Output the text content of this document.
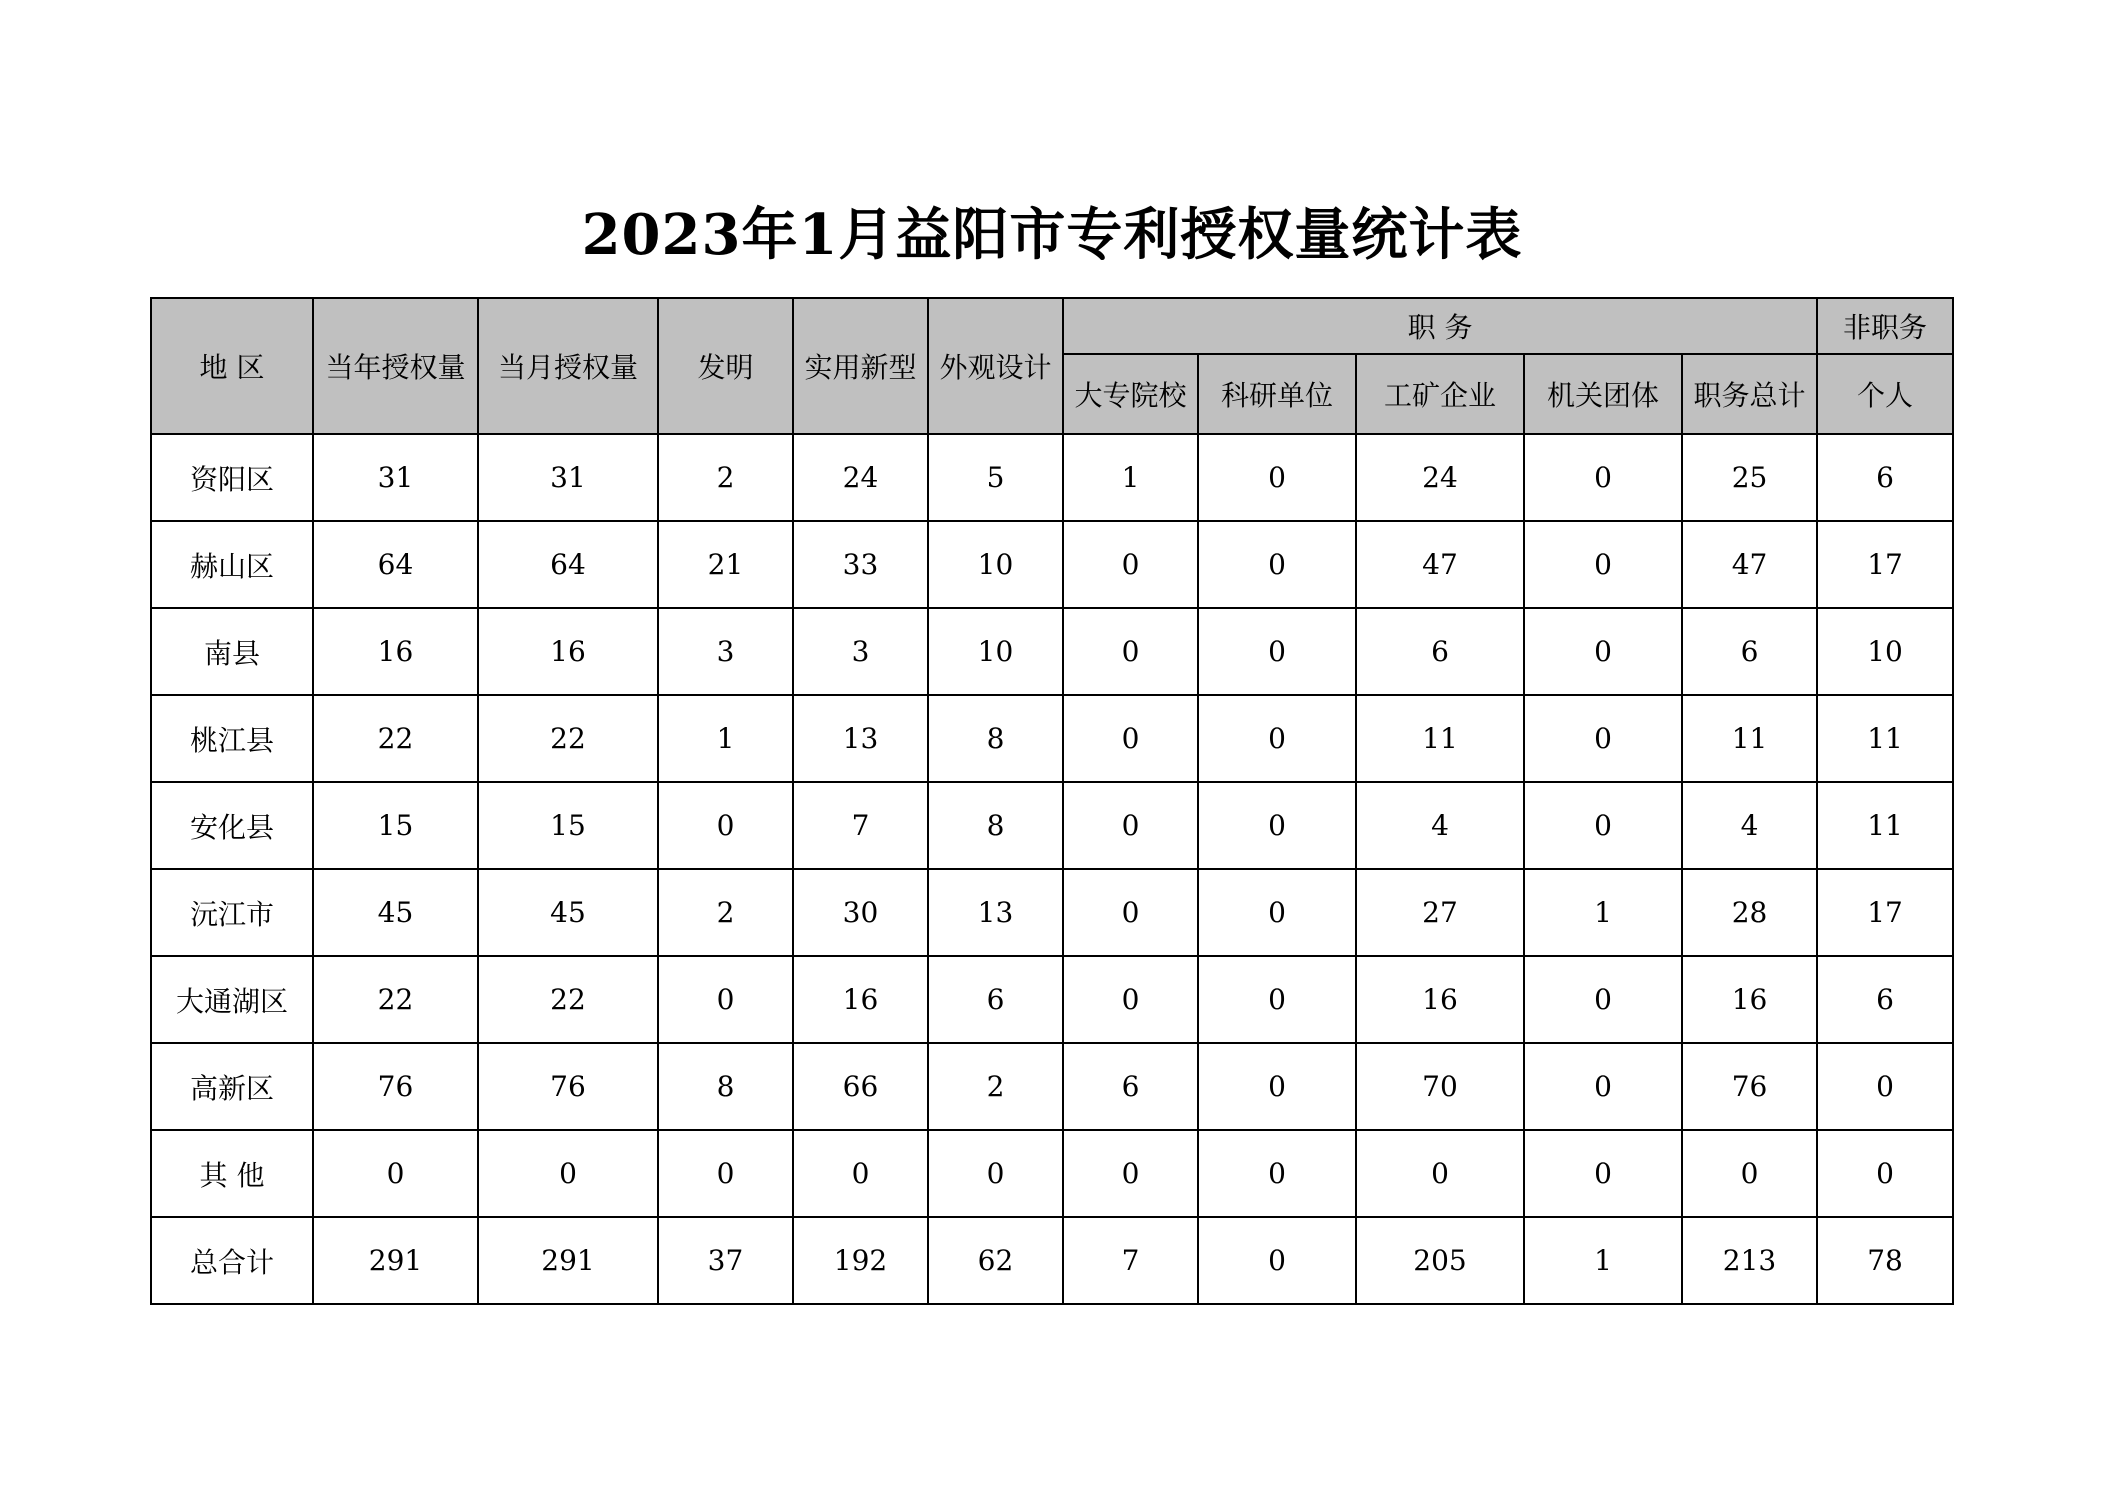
2023年1月益阳市专利授权量统计表
地 区	当年授权量	当月授权量	发明	实用新型	外观设计	职 务					非职务
						大专院校	科研单位	工矿企业	机关团体	职务总计	个人
资阳区	31	31	2	24	5	1	0	24	0	25	6
赫山区	64	64	21	33	10	0	0	47	0	47	17
南县	16	16	3	3	10	0	0	6	0	6	10
桃江县	22	22	1	13	8	0	0	11	0	11	11
安化县	15	15	0	7	8	0	0	4	0	4	11
沅江市	45	45	2	30	13	0	0	27	1	28	17
大通湖区	22	22	0	16	6	0	0	16	0	16	6
高新区	76	76	8	66	2	6	0	70	0	76	0
其 他	0	0	0	0	0	0	0	0	0	0	0
总合计	291	291	37	192	62	7	0	205	1	213	78
